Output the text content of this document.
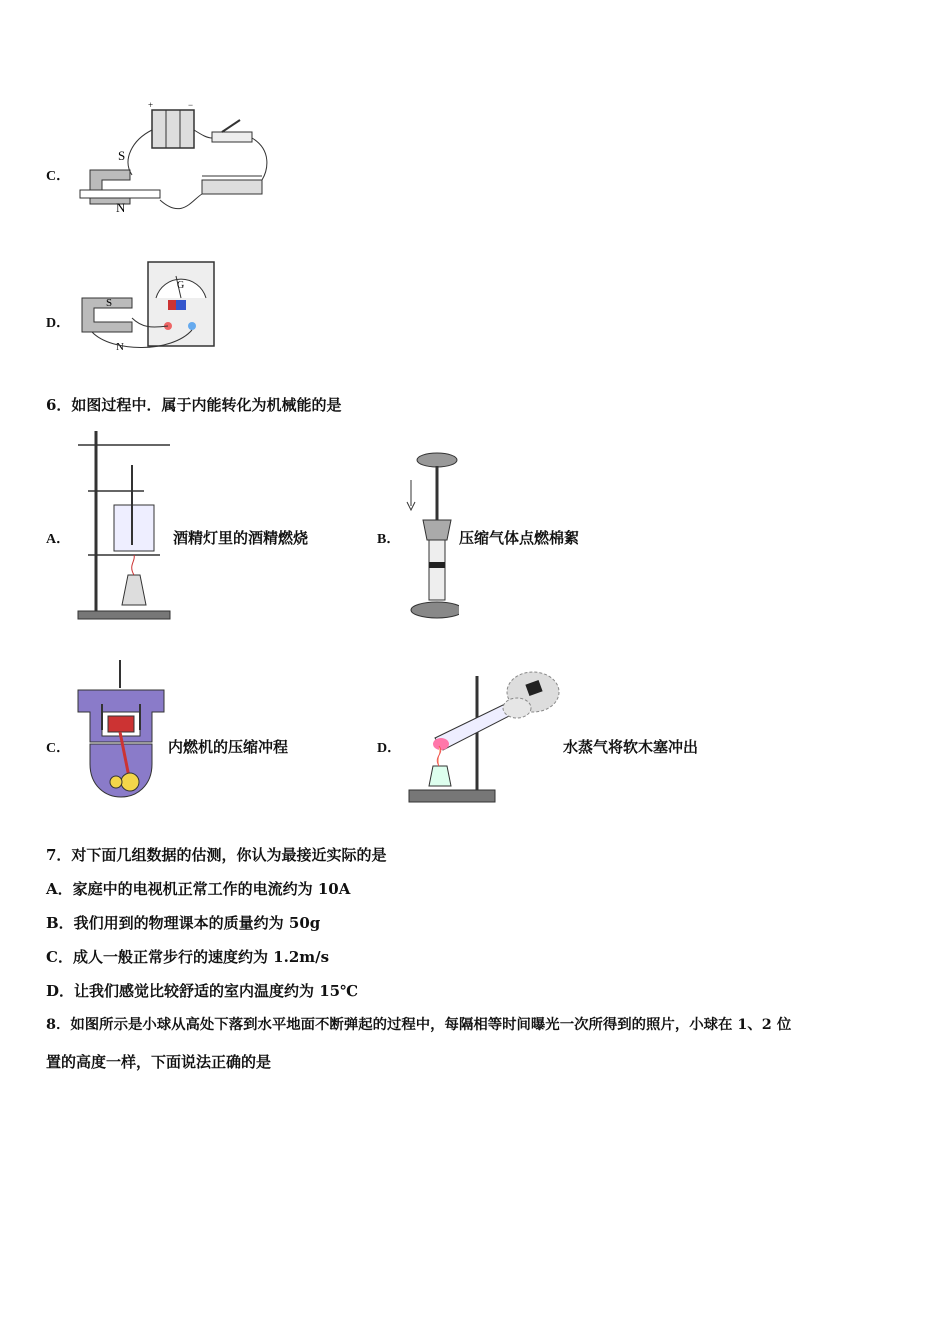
C．
+	−
S
N
D．
S
N
G
6．如图过程中．属于内能转化为机械能的是
A．	酒精灯里的酒精燃烧	B．	压缩气体点燃棉絮
C．	内燃机的压缩冲程	D．	水蒸气将软木塞冲出
7．对下面几组数据的估测，你认为最接近实际的是
A．家庭中的电视机正常工作的电流约为 10A
B．我们用到的物理课本的质量约为 50g
C．成人一般正常步行的速度约为 1.2m/s
D．让我们感觉比较舒适的室内温度约为 15℃
8．如图所示是小球从高处下落到水平地面不断弹起的过程中，每隔相等时间曝光一次所得到的照片，小球在 1、2 位
置的高度一样，下面说法正确的是
